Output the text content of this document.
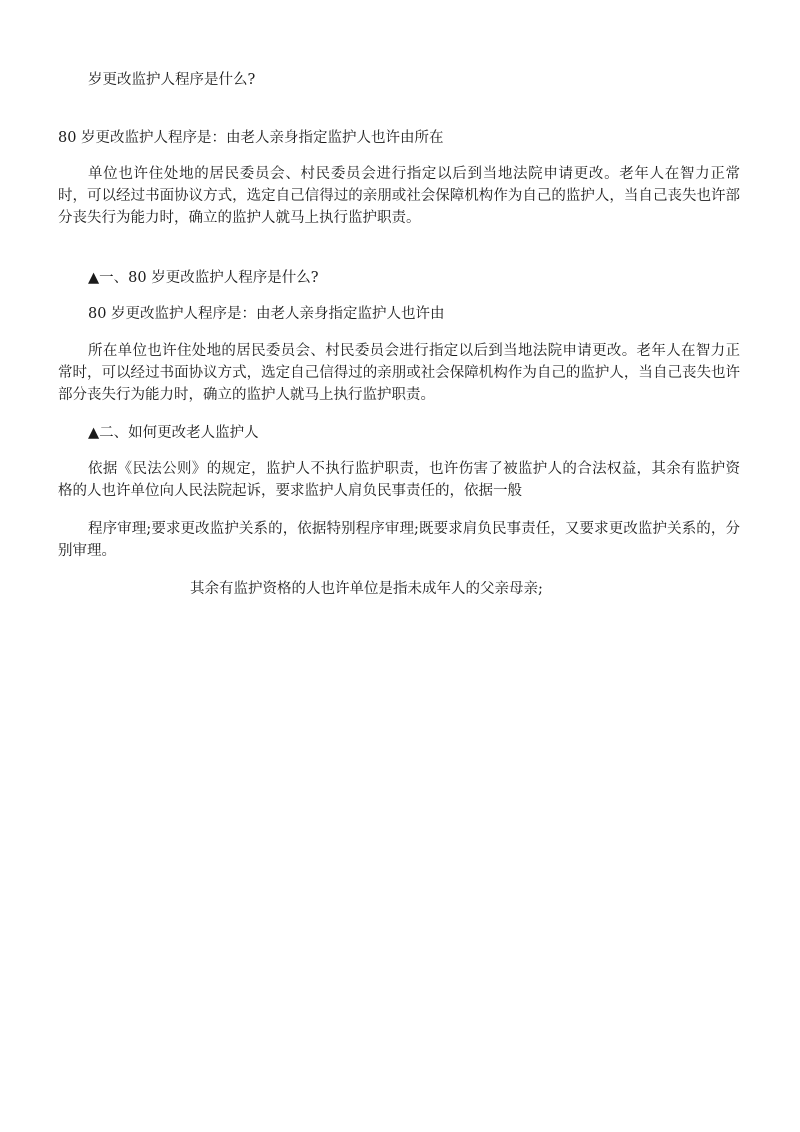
岁更改监护人程序是什么?

80 岁更改监护人程序是：由老人亲身指定监护人也许由所在

单位也许住处地的居民委员会、村民委员会进行指定以后到当地法院申请更改。老年人在智力正常时，可以经过书面协议方式，选定自己信得过的亲朋或社会保障机构作为自己的监护人，当自己丧失也许部分丧失行为能力时，确立的监护人就马上执行监护职责。

▲一、80 岁更改监护人程序是什么?

80 岁更改监护人程序是：由老人亲身指定监护人也许由

所在单位也许住处地的居民委员会、村民委员会进行指定以后到当地法院申请更改。老年人在智力正常时，可以经过书面协议方式，选定自己信得过的亲朋或社会保障机构作为自己的监护人，当自己丧失也许部分丧失行为能力时，确立的监护人就马上执行监护职责。

▲二、如何更改老人监护人

依据《民法公则》的规定，监护人不执行监护职责，也许伤害了被监护人的合法权益，其余有监护资格的人也许单位向人民法院起诉，要求监护人肩负民事责任的，依据一般

程序审理;要求更改监护关系的，依据特别程序审理;既要求肩负民事责任，又要求更改监护关系的，分别审理。

其余有监护资格的人也许单位是指未成年人的父亲母亲;
